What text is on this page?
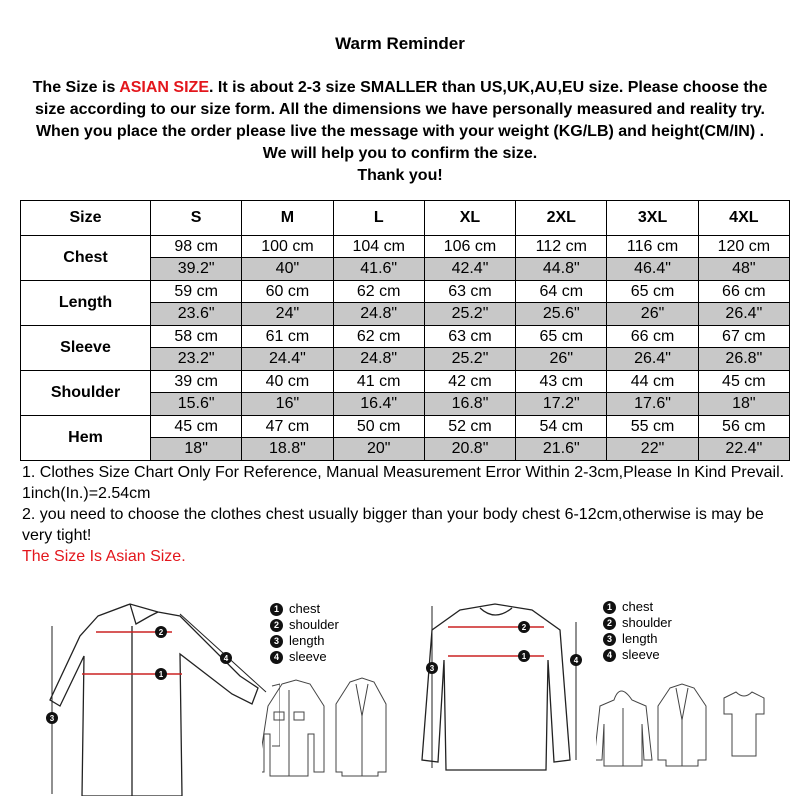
Warm Reminder
The Size is ASIAN SIZE. It is about 2-3 size SMALLER than US,UK,AU,EU size. Please choose the size according to our size form. All the dimensions we have personally measured and reality try. When you place the order please live the message with your weight (KG/LB) and height(CM/IN) . We will help you to confirm the size.
Thank you!
Size	S	M	L	XL	2XL	3XL	4XL
Chest	98 cm	100 cm	104 cm	106 cm	112 cm	116 cm	120 cm
	39.2"	40"	41.6"	42.4"	44.8"	46.4"	48"
Length	59 cm	60 cm	62 cm	63 cm	64 cm	65 cm	66 cm
	23.6"	24"	24.8"	25.2"	25.6"	26"	26.4"
Sleeve	58 cm	61 cm	62 cm	63 cm	65 cm	66 cm	67 cm
	23.2"	24.4"	24.8"	25.2"	26"	26.4"	26.8"
Shoulder	39 cm	40 cm	41 cm	42 cm	43 cm	44 cm	45 cm
	15.6"	16"	16.4"	16.8"	17.2"	17.6"	18"
Hem	45 cm	47 cm	50 cm	52 cm	54 cm	55 cm	56 cm
	18"	18.8"	20"	20.8"	21.6"	22"	22.4"

1. Clothes Size Chart Only For Reference, Manual Measurement Error Within 2-3cm,Please In Kind Prevail. 1inch(In.)=2.54cm

2. you need to choose the clothes chest usually bigger than your body chest 6-12cm,otherwise is may be very tight!

The Size Is Asian Size.

2
1
3
4
1 chest
2 shoulder
3 length
4 sleeve
2
1
3
4
1 chest
2 shoulder
3 length
4 sleeve
